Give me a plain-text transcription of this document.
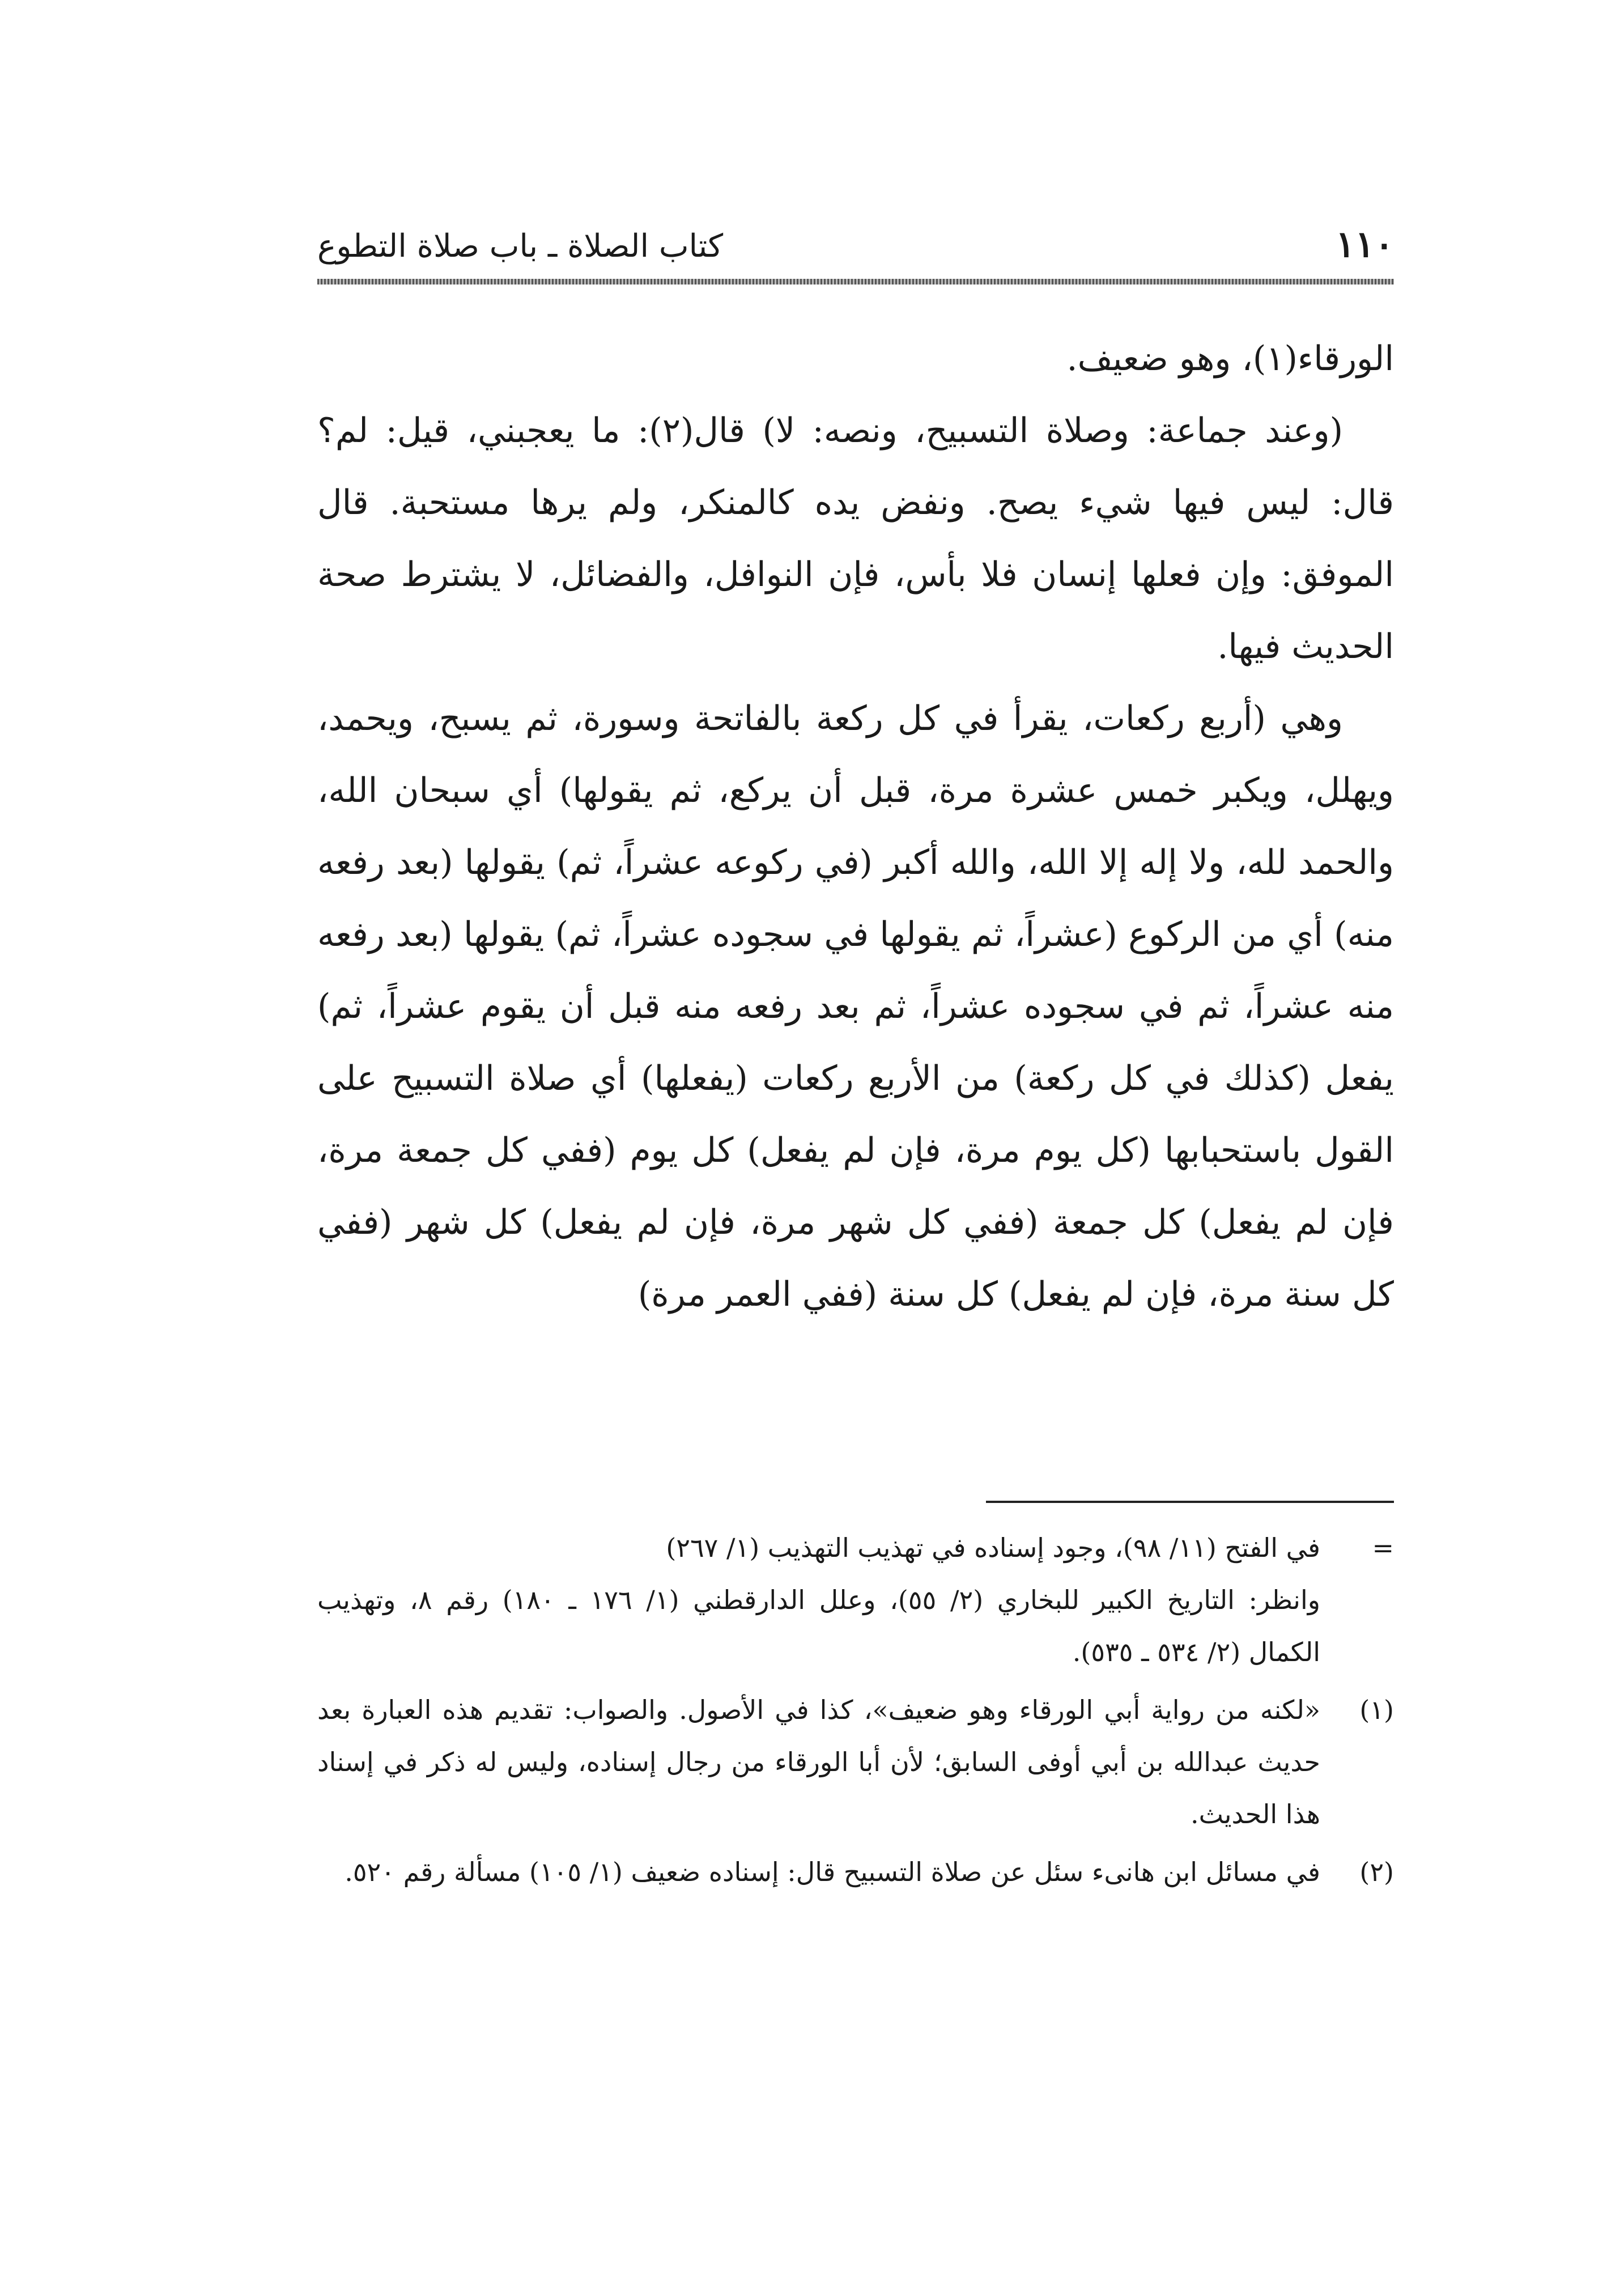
١١٠
كتاب الصلاة ـ باب صلاة التطوع

الورقاء(١)، وهو ضعيف.

(وعند جماعة: وصلاة التسبيح، ونصه: لا) قال(٢): ما يعجبني، قيل: لم؟ قال: ليس فيها شيء يصح. ونفض يده كالمنكر، ولم يرها مستحبة. قال الموفق: وإن فعلها إنسان فلا بأس، فإن النوافل، والفضائل، لا يشترط صحة الحديث فيها.

وهي (أربع ركعات، يقرأ في كل ركعة بالفاتحة وسورة، ثم يسبح، ويحمد، ويهلل، ويكبر خمس عشرة مرة، قبل أن يركع، ثم يقولها) أي سبحان الله، والحمد لله، ولا إله إلا الله، والله أكبر (في ركوعه عشراً، ثم) يقولها (بعد رفعه منه) أي من الركوع (عشراً، ثم يقولها في سجوده عشراً، ثم) يقولها (بعد رفعه منه عشراً، ثم في سجوده عشراً، ثم بعد رفعه منه قبل أن يقوم عشراً، ثم) يفعل (كذلك في كل ركعة) من الأربع ركعات (يفعلها) أي صلاة التسبيح على القول باستحبابها (كل يوم مرة، فإن لم يفعل) كل يوم (ففي كل جمعة مرة، فإن لم يفعل) كل جمعة (ففي كل شهر مرة، فإن لم يفعل) كل شهر (ففي كل سنة مرة، فإن لم يفعل) كل سنة (ففي العمر مرة)

=
في الفتح (١١/ ٩٨)، وجود إسناده في تهذيب التهذيب (١/ ٢٦٧)
وانظر: التاريخ الكبير للبخاري (٢/ ٥٥)، وعلل الدارقطني (١/ ١٧٦ ـ ١٨٠) رقم ٨، وتهذيب الكمال (٢/ ٥٣٤ ـ ٥٣٥).
(١)
«لكنه من رواية أبي الورقاء وهو ضعيف»، كذا في الأصول. والصواب: تقديم هذه العبارة بعد حديث عبدالله بن أبي أوفى السابق؛ لأن أبا الورقاء من رجال إسناده، وليس له ذكر في إسناد هذا الحديث.
(٢)
في مسائل ابن هانىء سئل عن صلاة التسبيح قال: إسناده ضعيف (١/ ١٠٥) مسألة رقم ٥٢٠.
